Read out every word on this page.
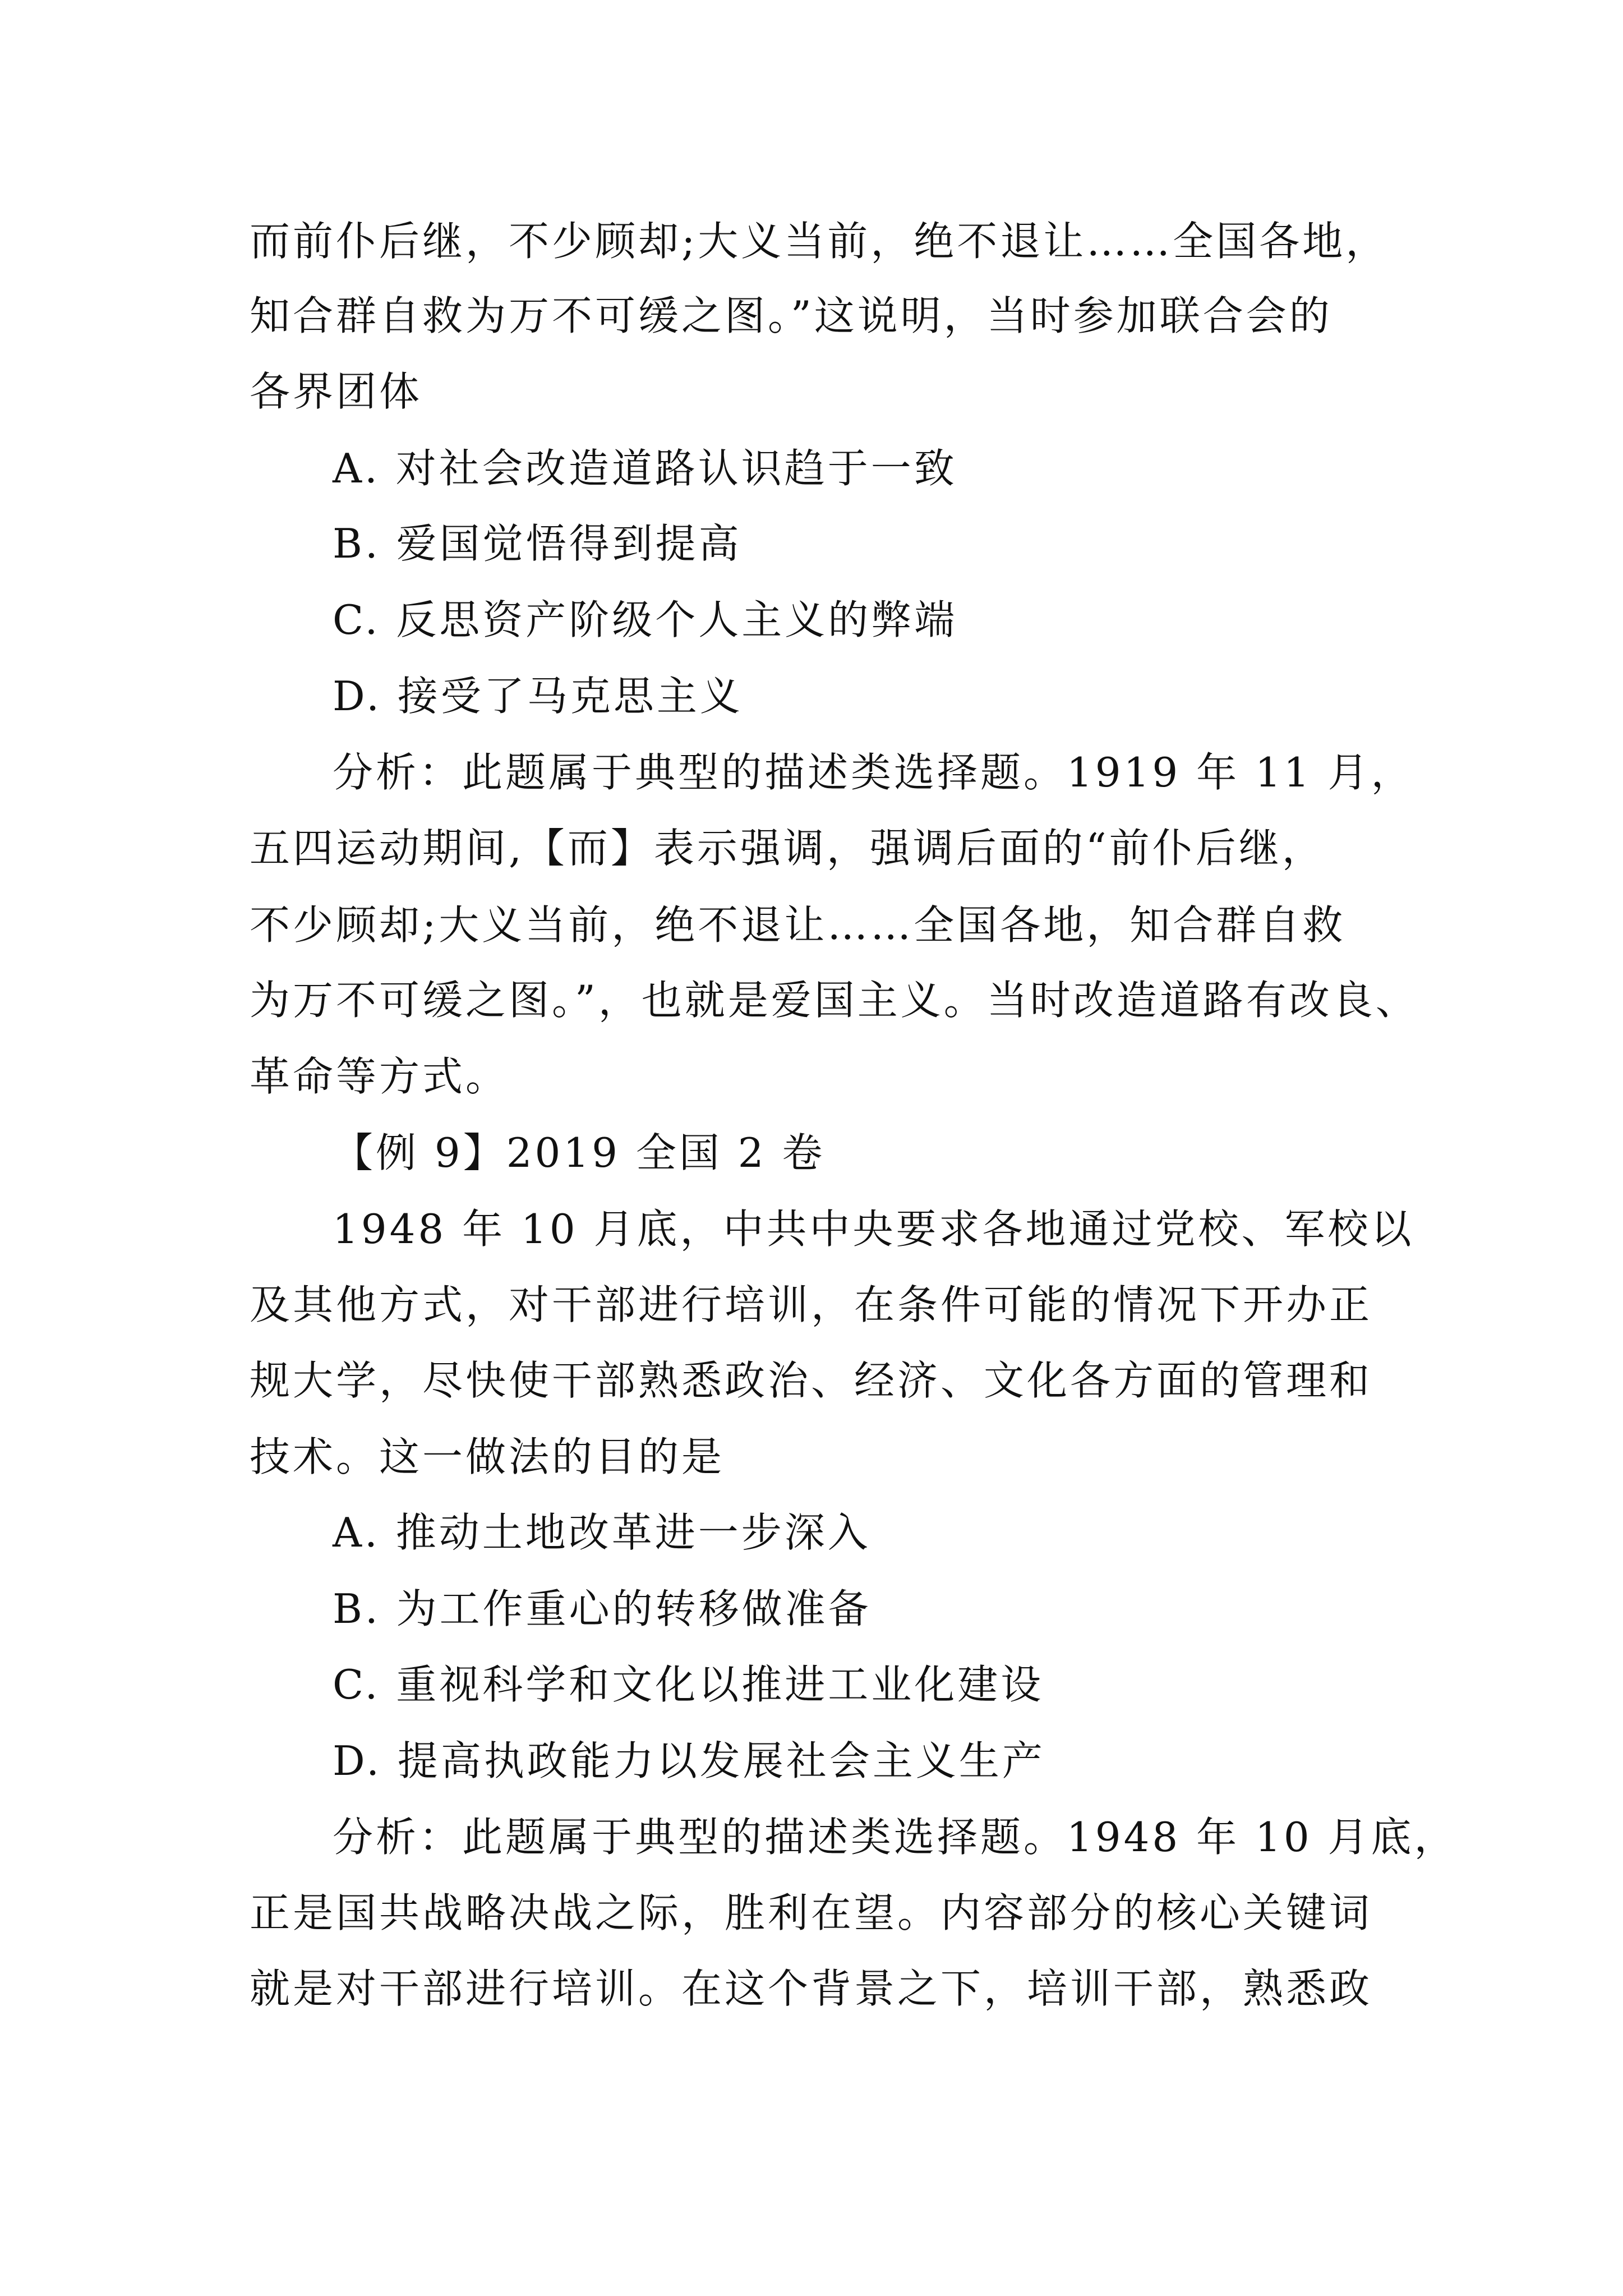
而前仆后继，不少顾却;大义当前，绝不退让……全国各地，
知合群自救为万不可缓之图。”这说明，当时参加联合会的
各界团体
A. 对社会改造道路认识趋于一致
B. 爱国觉悟得到提高
C. 反思资产阶级个人主义的弊端
D. 接受了马克思主义
分析：此题属于典型的描述类选择题。1919 年 11 月，
五四运动期间,【而】表示强调，强调后面的“前仆后继，
不少顾却;大义当前，绝不退让……全国各地，知合群自救
为万不可缓之图。”，也就是爱国主义。当时改造道路有改良、
革命等方式。
【例 9】2019 全国 2 卷
1948 年 10 月底，中共中央要求各地通过党校、军校以
及其他方式，对干部进行培训，在条件可能的情况下开办正
规大学，尽快使干部熟悉政治、经济、文化各方面的管理和
技术。这一做法的目的是
A. 推动土地改革进一步深入
B. 为工作重心的转移做准备
C. 重视科学和文化以推进工业化建设
D. 提高执政能力以发展社会主义生产
分析：此题属于典型的描述类选择题。1948 年 10 月底，
正是国共战略决战之际，胜利在望。内容部分的核心关键词
就是对干部进行培训。在这个背景之下，培训干部，熟悉政
